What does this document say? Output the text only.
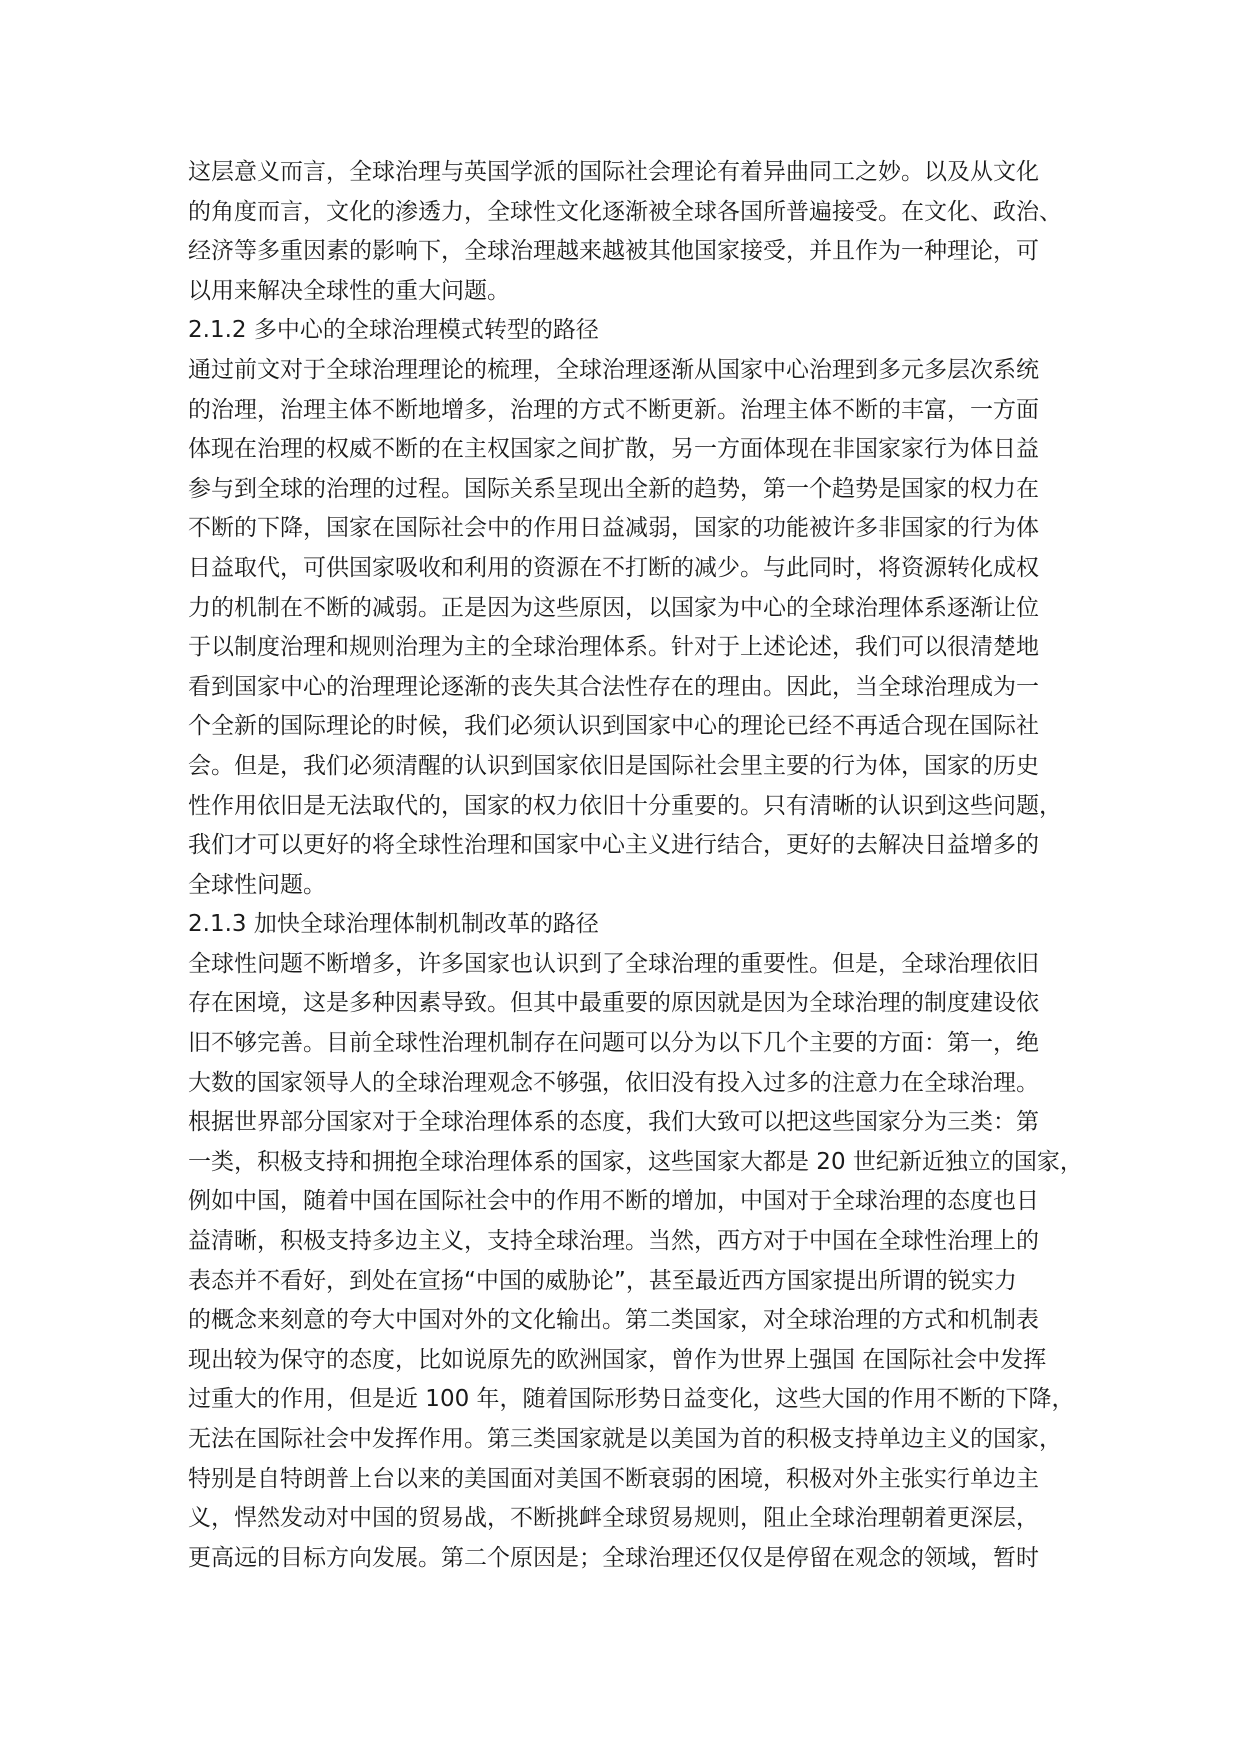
这层意义而言，全球治理与英国学派的国际社会理论有着异曲同工之妙。以及从文化
的角度而言，文化的渗透力，全球性文化逐渐被全球各国所普遍接受。在文化、政治、
经济等多重因素的影响下，全球治理越来越被其他国家接受，并且作为一种理论，可
以用来解决全球性的重大问题。
2.1.2 多中心的全球治理模式转型的路径
通过前文对于全球治理理论的梳理，全球治理逐渐从国家中心治理到多元多层次系统
的治理，治理主体不断地增多，治理的方式不断更新。治理主体不断的丰富，一方面
体现在治理的权威不断的在主权国家之间扩散，另一方面体现在非国家家行为体日益
参与到全球的治理的过程。国际关系呈现出全新的趋势，第一个趋势是国家的权力在
不断的下降，国家在国际社会中的作用日益减弱，国家的功能被许多非国家的行为体
日益取代，可供国家吸收和利用的资源在不打断的减少。与此同时，将资源转化成权
力的机制在不断的减弱。正是因为这些原因，以国家为中心的全球治理体系逐渐让位
于以制度治理和规则治理为主的全球治理体系。针对于上述论述，我们可以很清楚地
看到国家中心的治理理论逐渐的丧失其合法性存在的理由。因此，当全球治理成为一
个全新的国际理论的时候，我们必须认识到国家中心的理论已经不再适合现在国际社
会。但是，我们必须清醒的认识到国家依旧是国际社会里主要的行为体，国家的历史
性作用依旧是无法取代的，国家的权力依旧十分重要的。只有清晰的认识到这些问题，
我们才可以更好的将全球性治理和国家中心主义进行结合，更好的去解决日益增多的
全球性问题。
2.1.3 加快全球治理体制机制改革的路径
全球性问题不断增多，许多国家也认识到了全球治理的重要性。但是，全球治理依旧
存在困境，这是多种因素导致。但其中最重要的原因就是因为全球治理的制度建设依
旧不够完善。目前全球性治理机制存在问题可以分为以下几个主要的方面：第一，绝
大数的国家领导人的全球治理观念不够强，依旧没有投入过多的注意力在全球治理。
根据世界部分国家对于全球治理体系的态度，我们大致可以把这些国家分为三类：第
一类，积极支持和拥抱全球治理体系的国家，这些国家大都是 20 世纪新近独立的国家，
例如中国，随着中国在国际社会中的作用不断的增加，中国对于全球治理的态度也日
益清晰，积极支持多边主义，支持全球治理。当然，西方对于中国在全球性治理上的
表态并不看好，到处在宣扬“中国的威胁论”，甚至最近西方国家提出所谓的锐实力
的概念来刻意的夸大中国对外的文化输出。第二类国家，对全球治理的方式和机制表
现出较为保守的态度，比如说原先的欧洲国家，曾作为世界上强国 在国际社会中发挥
过重大的作用，但是近 100 年，随着国际形势日益变化，这些大国的作用不断的下降，
无法在国际社会中发挥作用。第三类国家就是以美国为首的积极支持单边主义的国家，
特别是自特朗普上台以来的美国面对美国不断衰弱的困境，积极对外主张实行单边主
义，悍然发动对中国的贸易战，不断挑衅全球贸易规则，阻止全球治理朝着更深层，
更高远的目标方向发展。第二个原因是；全球治理还仅仅是停留在观念的领域，暂时
